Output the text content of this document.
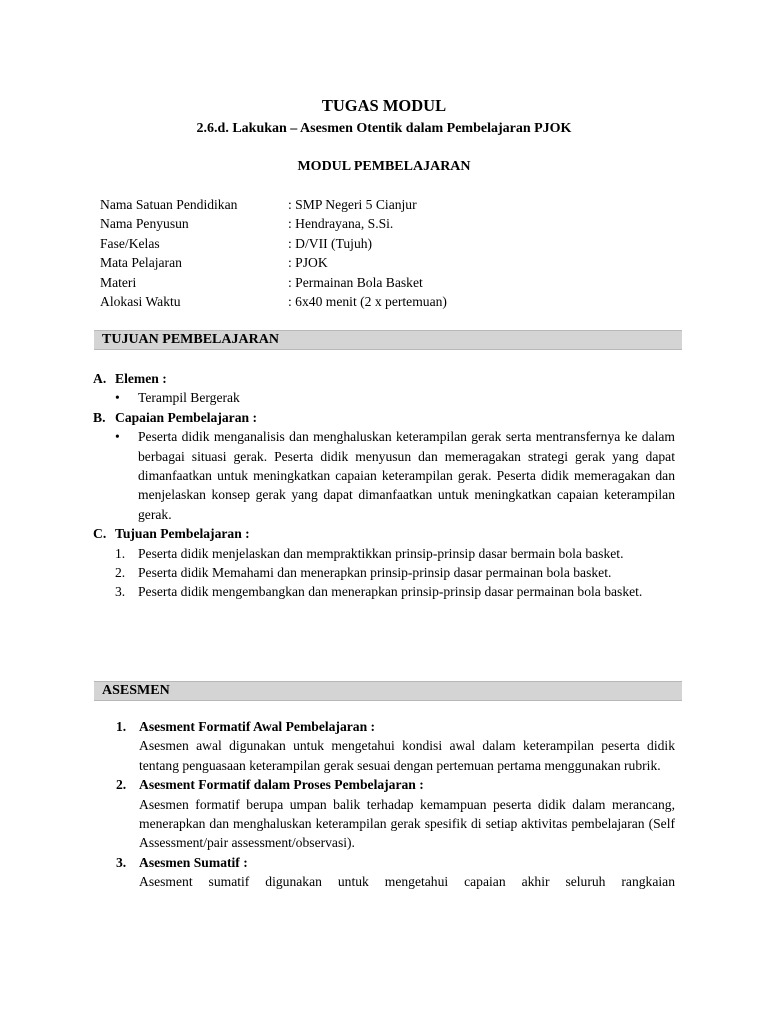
TUGAS MODUL
2.6.d. Lakukan – Asesmen Otentik dalam Pembelajaran PJOK
MODUL PEMBELAJARAN
Nama Satuan Pendidikan	: SMP Negeri 5 Cianjur
Nama Penyusun	: Hendrayana, S.Si.
Fase/Kelas	: D/VII (Tujuh)
Mata Pelajaran	: PJOK
Materi	: Permainan Bola Basket
Alokasi Waktu	: 6x40 menit (2 x pertemuan)
TUJUAN PEMBELAJARAN
A. Elemen :
• Terampil Bergerak
B. Capaian Pembelajaran :
• Peserta didik menganalisis dan menghaluskan keterampilan gerak serta mentransfernya ke dalam berbagai situasi gerak. Peserta didik menyusun dan memeragakan strategi gerak yang dapat dimanfaatkan untuk meningkatkan capaian keterampilan gerak. Peserta didik memeragakan dan menjelaskan konsep gerak yang dapat dimanfaatkan untuk meningkatkan capaian keterampilan gerak.
C. Tujuan Pembelajaran :
1. Peserta didik menjelaskan dan mempraktikkan prinsip-prinsip dasar bermain bola basket.
2. Peserta didik Memahami dan menerapkan prinsip-prinsip dasar permainan bola basket.
3. Peserta didik mengembangkan dan menerapkan prinsip-prinsip dasar permainan bola basket.
ASESMEN
1. Asesment Formatif Awal Pembelajaran :
Asesmen awal digunakan untuk mengetahui kondisi awal dalam keterampilan peserta didik tentang penguasaan keterampilan gerak sesuai dengan pertemuan pertama menggunakan rubrik.
2. Asesment Formatif dalam Proses Pembelajaran :
Asesmen formatif berupa umpan balik terhadap kemampuan peserta didik dalam merancang, menerapkan dan menghaluskan keterampilan gerak spesifik di setiap aktivitas pembelajaran (Self Assessment/pair assessment/observasi).
3. Asesmen Sumatif :
Asesment sumatif digunakan untuk mengetahui capaian akhir seluruh rangkaian
